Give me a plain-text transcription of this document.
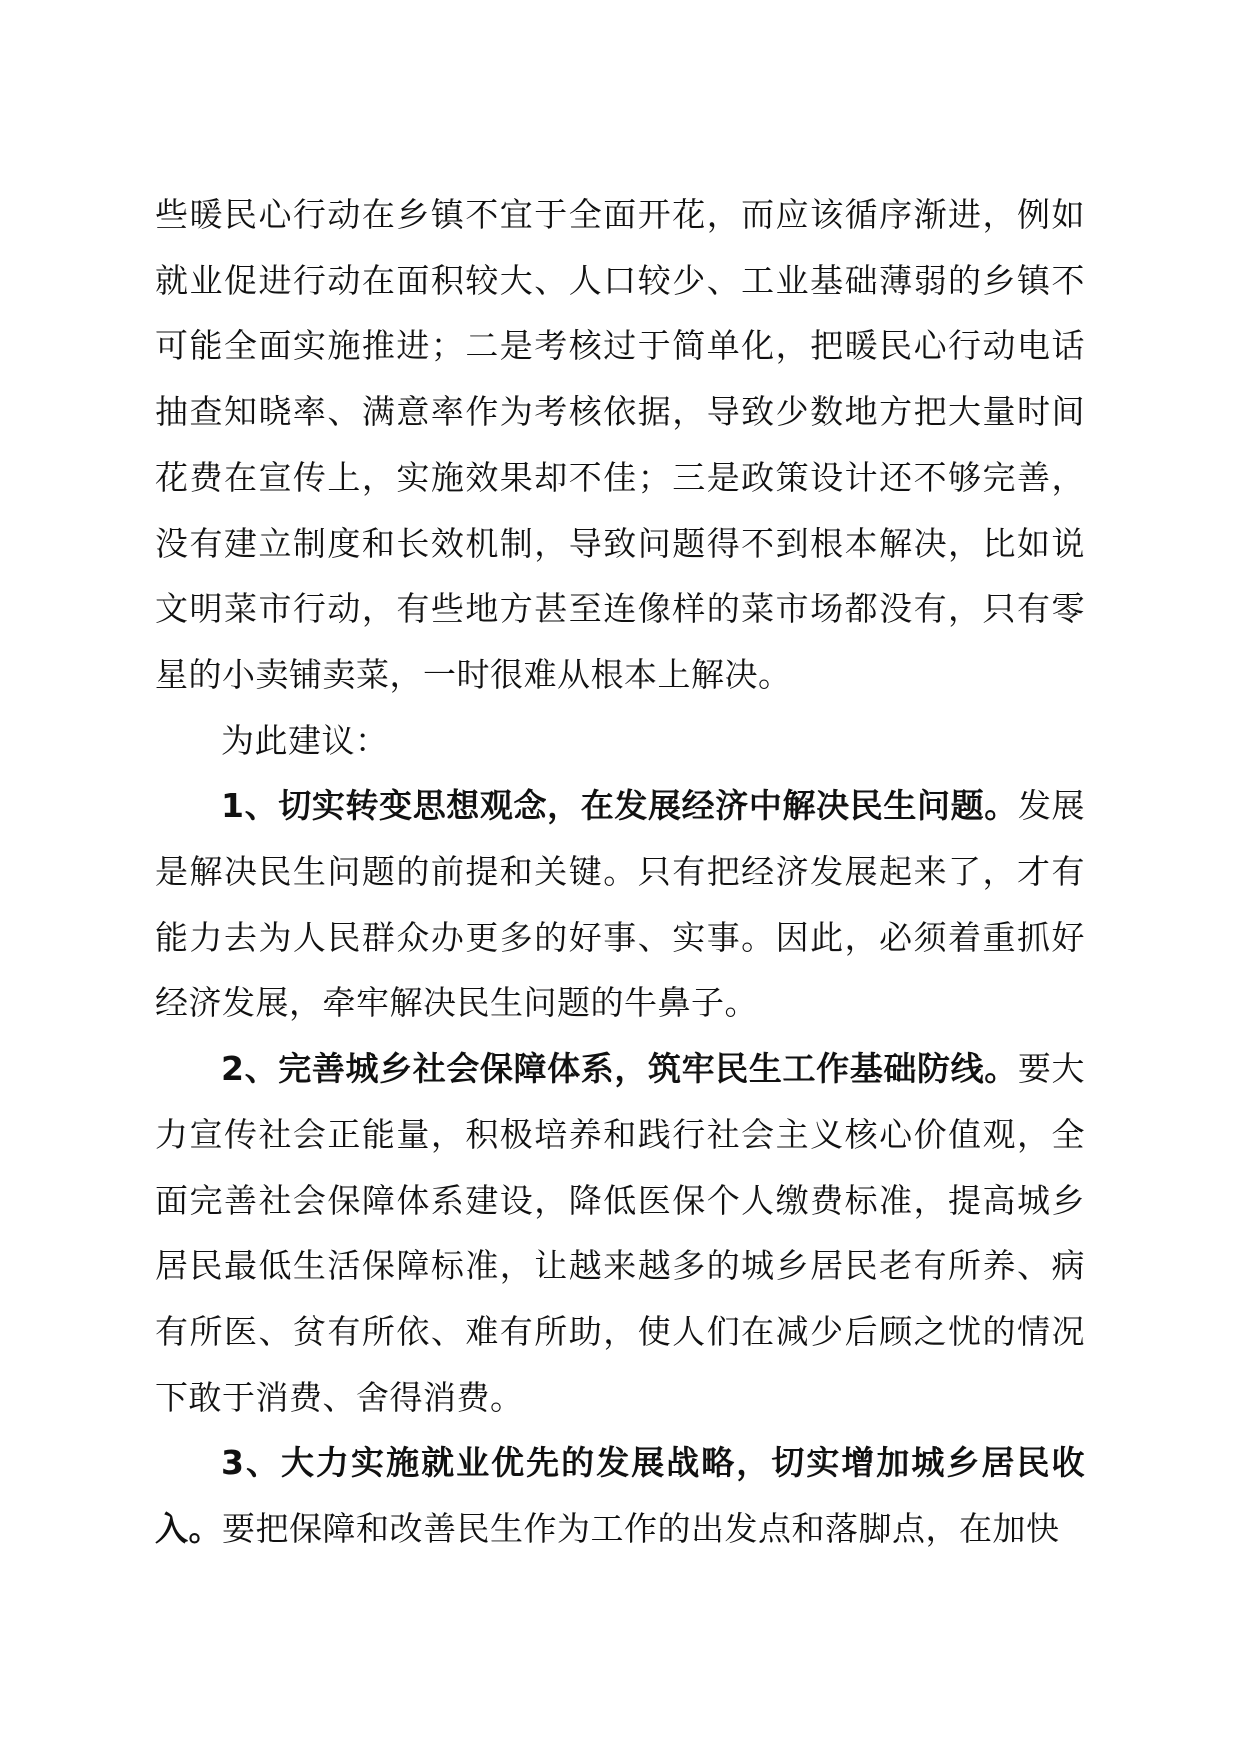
些暖民心行动在乡镇不宜于全面开花，而应该循序渐进，例如就业促进行动在面积较大、人口较少、工业基础薄弱的乡镇不可能全面实施推进；二是考核过于简单化，把暖民心行动电话抽查知晓率、满意率作为考核依据，导致少数地方把大量时间花费在宣传上，实施效果却不佳；三是政策设计还不够完善，没有建立制度和长效机制，导致问题得不到根本解决，比如说文明菜市行动，有些地方甚至连像样的菜市场都没有，只有零星的小卖铺卖菜，一时很难从根本上解决。

为此建议：

1、切实转变思想观念，在发展经济中解决民生问题。发展是解决民生问题的前提和关键。只有把经济发展起来了，才有能力去为人民群众办更多的好事、实事。因此，必须着重抓好经济发展，牵牢解决民生问题的牛鼻子。

2、完善城乡社会保障体系，筑牢民生工作基础防线。要大力宣传社会正能量，积极培养和践行社会主义核心价值观，全面完善社会保障体系建设，降低医保个人缴费标准，提高城乡居民最低生活保障标准，让越来越多的城乡居民老有所养、病有所医、贫有所依、难有所助，使人们在减少后顾之忧的情况下敢于消费、舍得消费。

3、大力实施就业优先的发展战略，切实增加城乡居民收入。要把保障和改善民生作为工作的出发点和落脚点，在加快
